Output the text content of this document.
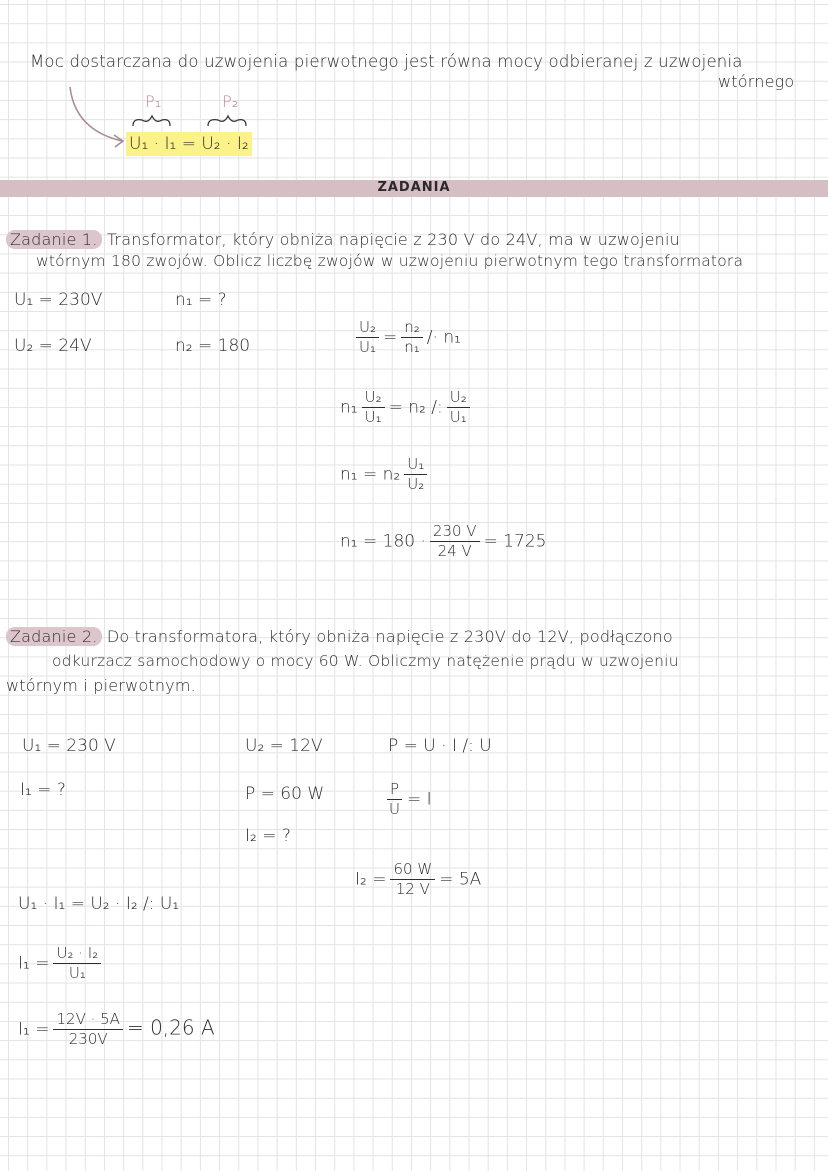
Moc dostarczana do uzwojenia pierwotnego jest równa mocy odbieranej z uzwojenia
wtórnego
P₁	P₂
U₁ · I₁ = U₂ · I₂
ZADANIA
Zadanie 1. Transformator, który obniża napięcie z 230 V do 24V, ma w uzwojeniu
wtórnym 180 zwojów. Oblicz liczbę zwojów w uzwojeniu pierwotnym tego transformatora
U₁ = 230V	n₁ = ?
U₂ = 24V	n₂ = 180	$\frac{\text{U₂}}{\text{U₁}} = \frac{\text{n₂}}{\text{n₁}} /\cdot n_1$
$n_1 \frac{\text{U₂}}{\text{U₁}} = n_2$ /: $\frac{\text{U₂}}{\text{U₁}}$
$n_1 = n_2 \frac{\text{U₁}}{\text{U₂}}$
$n_1 = 180 \cdot \frac{230 V}{24 V} = 1725$
Zadanie 2. Do transformatora, który obniża napięcie z 230V do 12V, podłączono
odkurzacz samochodowy o mocy 60 W. Obliczmy natężenie prądu w uzwojeniu
wtórnym i pierwotnym.
U₁ = 230 V	U₂ = 12V	P = U · I /: U
I₁ = ?	P = 60 W	$\frac{P}{U} = I$
I₂ = ?
$I_2 = \frac{60 W}{12 V} = 5A$
U₁ · I₁ = U₂ · I₂ /: U₁
$I_1 = \frac{\text{U₂ · I₂}}{\text{U₁}}$
$I_1 = \frac{12V \cdot 5A}{230V} = 0,26$ A
